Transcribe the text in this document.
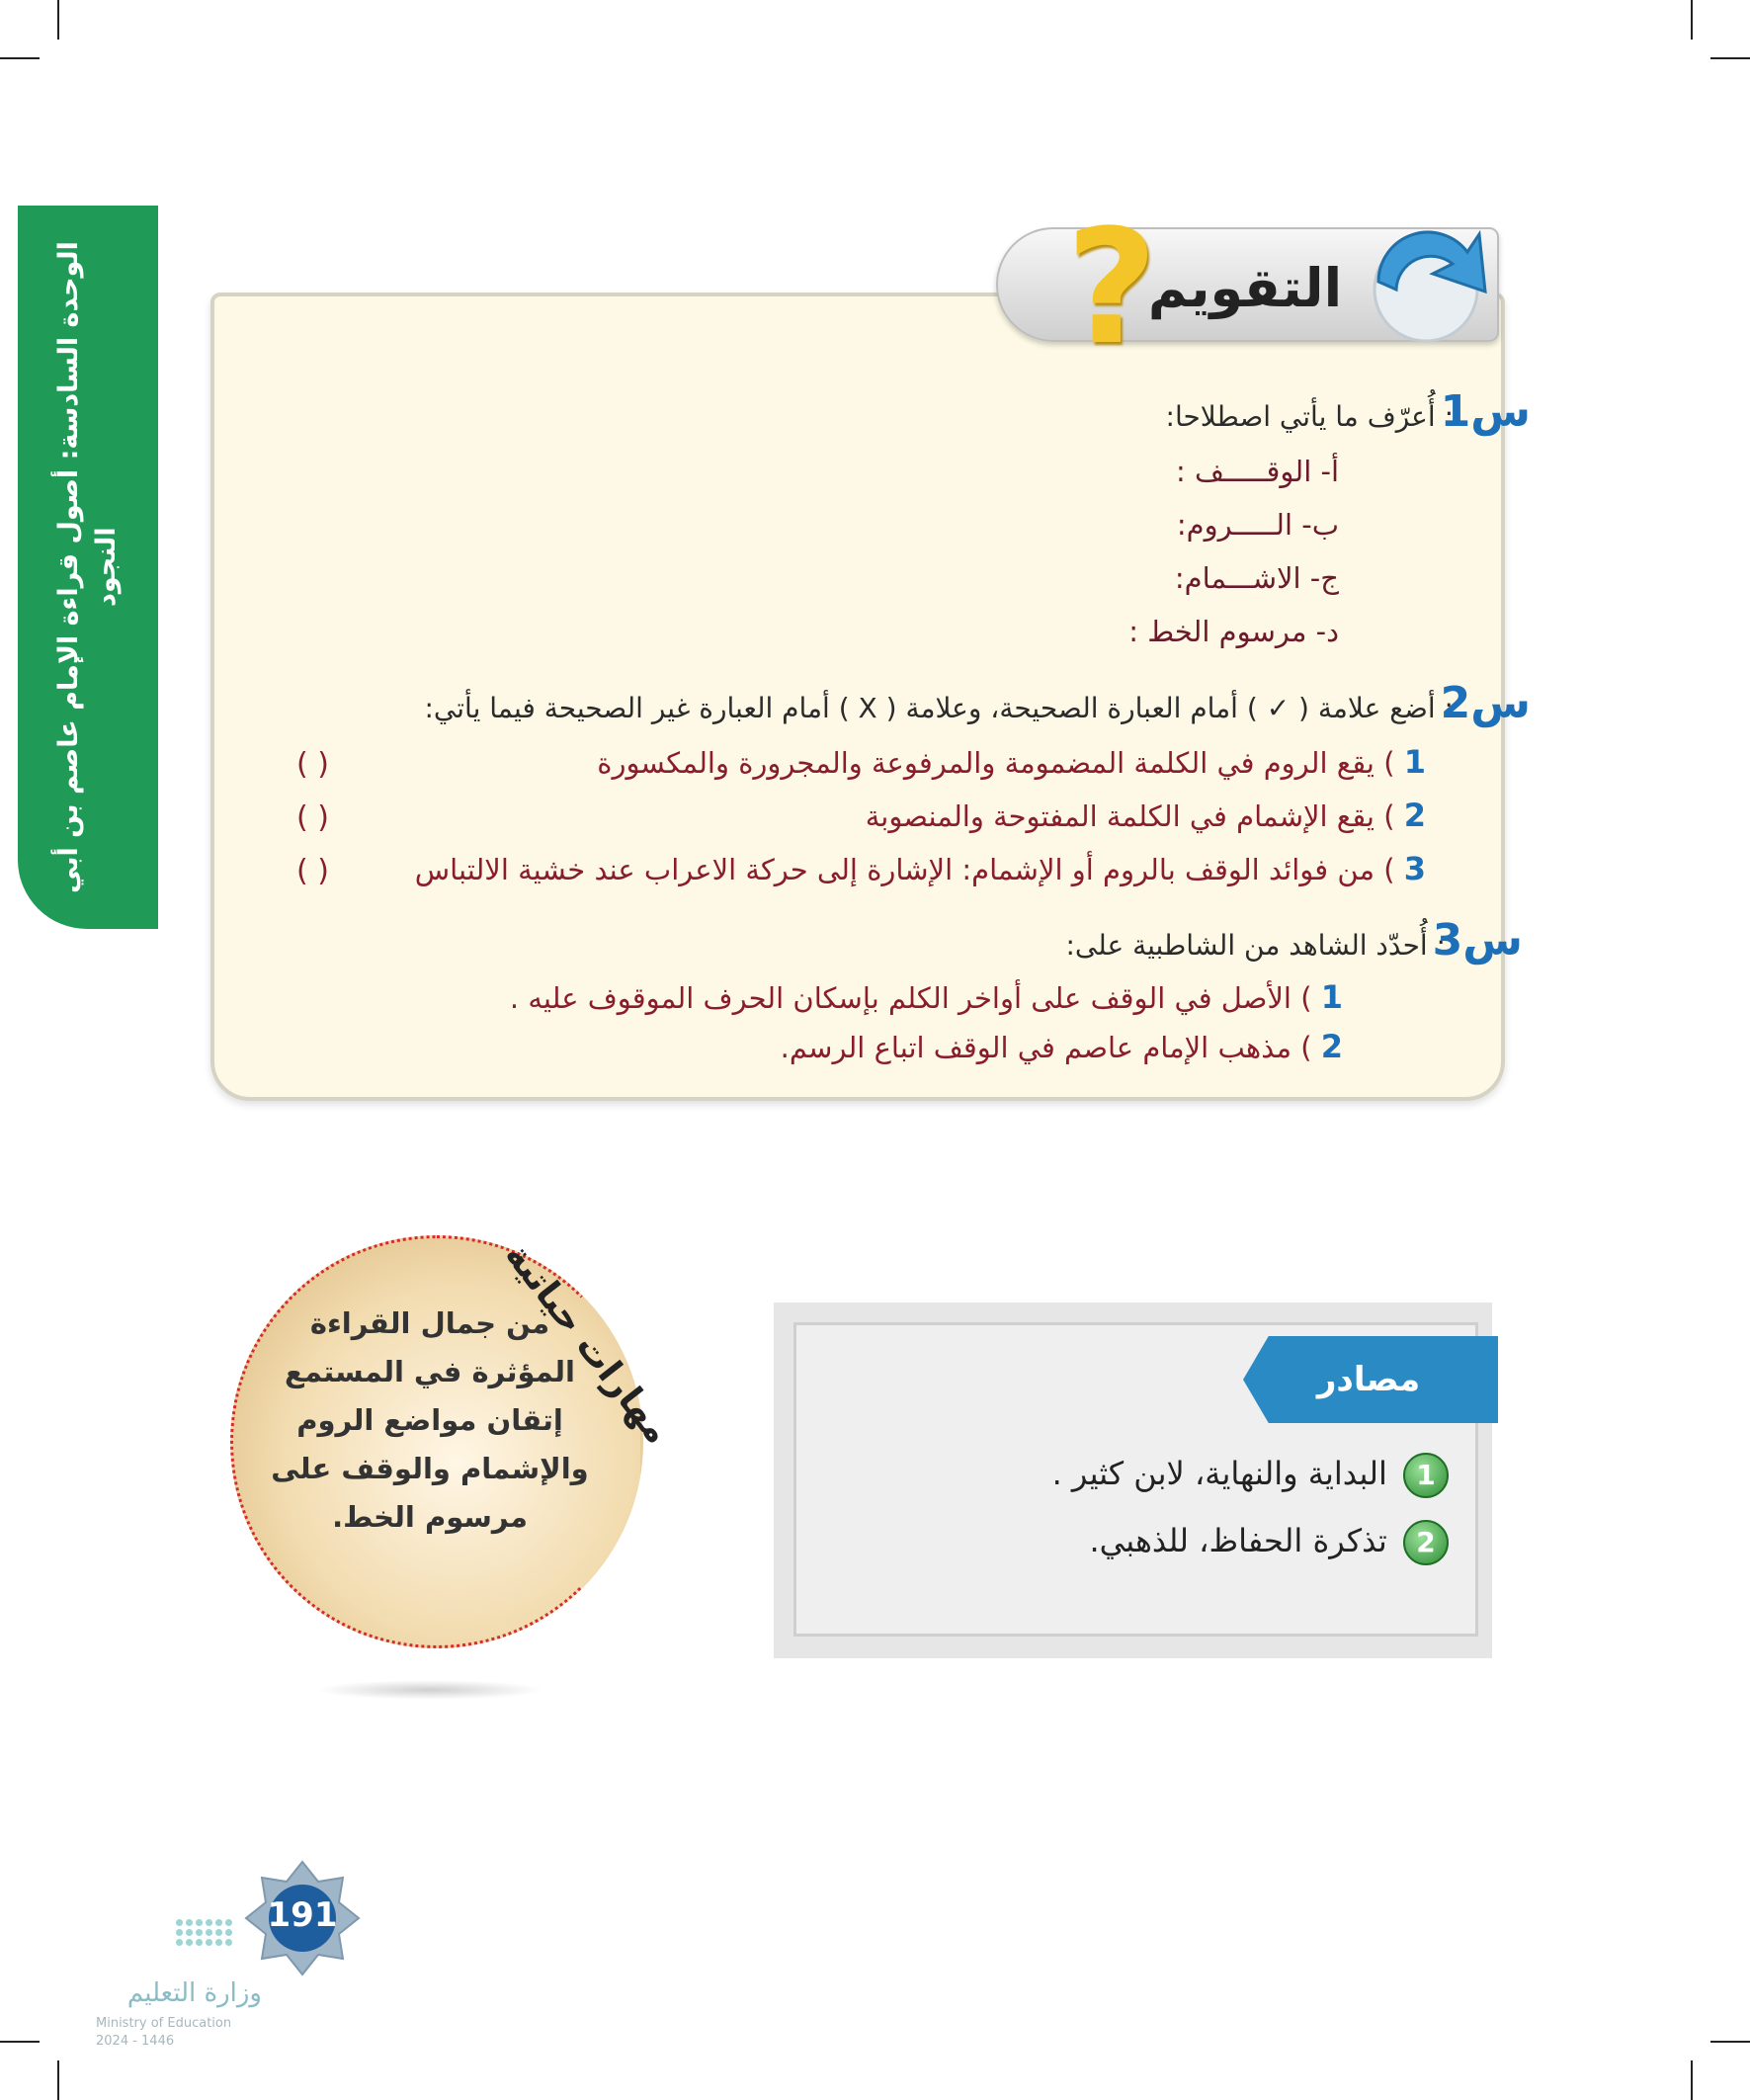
الوحدة السادسة: أصول قراءة الإمام عاصم بن أبي النجود
?
التقويم
س1
: أُعرّف ما يأتي اصطلاحا:
أ- الوقـــــف :
ب- الـــــروم:
ج- الاشـــمام:
د- مرسوم الخط :
س2
: أضع علامة ( ✓ ) أمام العبارة الصحيحة، وعلامة ( X ) أمام العبارة غير الصحيحة فيما يأتي:
1 ) يقع الروم في الكلمة المضمومة والمرفوعة والمجرورة والمكسورة
( )
2 ) يقع الإشمام في الكلمة المفتوحة والمنصوبة
( )
3 ) من فوائد الوقف بالروم أو الإشمام: الإشارة إلى حركة الاعراب عند خشية الالتباس
( )
س3
: أُحدّد الشاهد من الشاطبية على:
1 ) الأصل في الوقف على أواخر الكلم بإسكان الحرف الموقوف عليه .
2 ) مذهب الإمام عاصم في الوقف اتباع الرسم.
من جمال القراءة المؤثرة في المستمع إتقان مواضع الروم والإشمام والوقف على مرسوم الخط.
مهارات حياتية	مصادر
1 البداية والنهاية، لابن كثير .
2 تذكرة الحفاظ، للذهبي.
191
وزارة التعليم
Ministry of Education
2024 - 1446
